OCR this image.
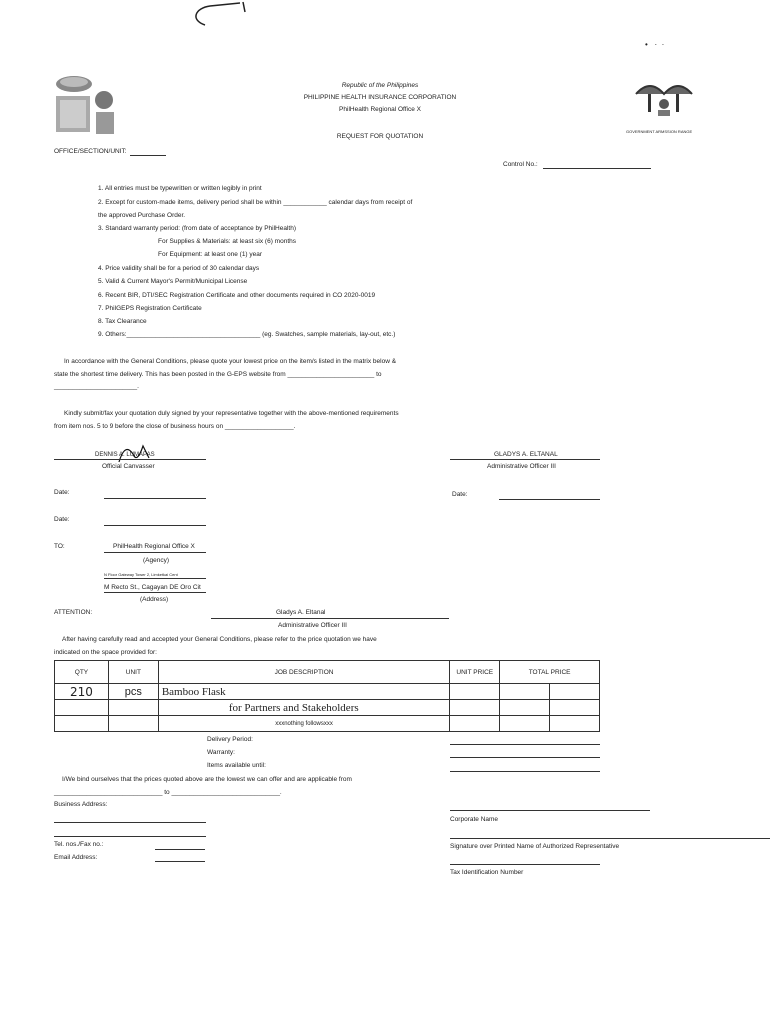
•   ·  ·
GOVERNMENT ARMSSION RANGE
Republic of the Philippines
PHILIPPINE HEALTH INSURANCE CORPORATION
PhilHealth Regional Office X
REQUEST FOR QUOTATION
OFFICE/SECTION/UNIT:
Control No.:
1. All entries must be typewritten or written legibly in print
2. Except for custom-made items, delivery period shall be within ____________ calendar days from receipt of
the approved Purchase Order.
3. Standard warranty period: (from date of acceptance by PhilHealth)
For Supplies & Materials: at least six (6) months
For Equipment: at least one (1) year
4. Price validity shall be for a period of 30 calendar days
5. Valid & Current Mayor's Permit/Municipal License
6. Recent BIR, DTI/SEC Registration Certificate and other documents required in CO 2020-0019
7. PhilGEPS Registration Certificate
8. Tax Clearance
9. Others:_____________________________________ (eg. Swatches, sample materials, lay-out, etc.)
In accordance with the General Conditions, please quote your lowest price on the item/s listed in the matrix below &
state the shortest time delivery. This has been posted in the G-EPS website from ________________________ to
_______________________.
Kindly submit/fax your quotation duly signed by your representative together with the above-mentioned requirements
from item nos. 5 to 9 before the close of business hours on ___________________.
DENNIS A. LUMAPAS
Official Canvasser
GLADYS A. ELTANAL
Administrative Officer III
Date:	Date:
Date:
TO:	PhilHealth Regional Office X
(Agency)
N Floor Gateway Tower 2, Limketkai Cent
M Recto St., Cagayan DE Oro Cit
(Address)
ATTENTION:	Gladys A. Eltanal
Administrative Officer III
After having carefully read and accepted your General Conditions, please refer to the price quotation we have
indicated on the space provided for:
QTY	UNIT	JOB DESCRIPTION	UNIT PRICE	TOTAL PRICE	
210	pcs	Bamboo Flask			
		for Partners and Stakeholders			
		xxxnothing followsxxx			
Delivery Period:
Warranty:
Items available until:
I/We bind ourselves that the prices quoted above are the lowest we can offer and are applicable from
______________________________ to ______________________________.
Business Address:
Corporate Name
Tel. nos./Fax no.:	Signature over Printed Name of Authorized Representative
Email Address:
Tax Identification Number
